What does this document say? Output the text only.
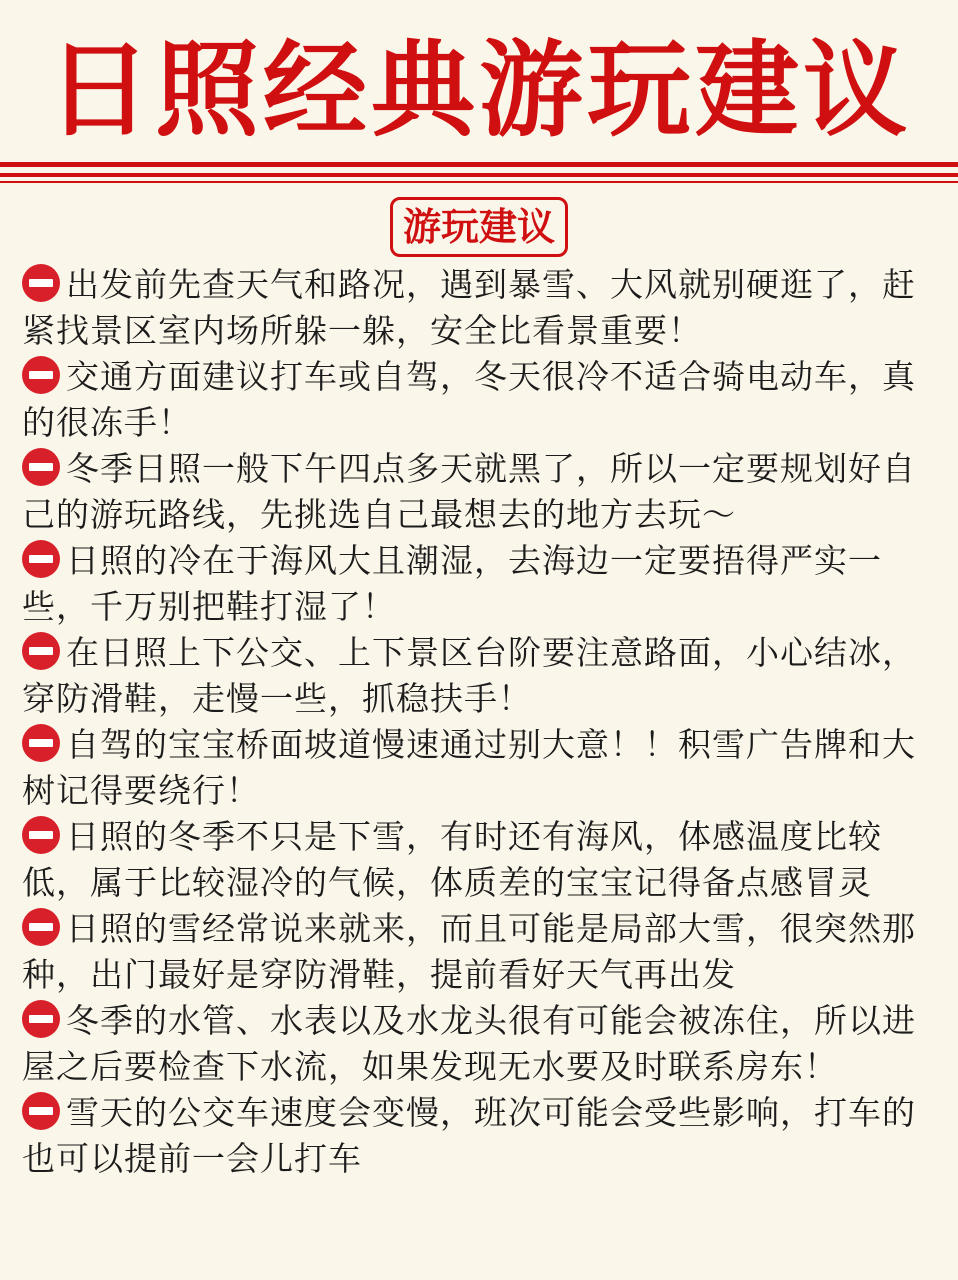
日照经典游玩建议
游玩建议
出发前先查天气和路况，遇到暴雪、大风就别硬逛了，赶紧找景区室内场所躲一躲，安全比看景重要！
交通方面建议打车或自驾，冬天很冷不适合骑电动车，真的很冻手！
冬季日照一般下午四点多天就黑了，所以一定要规划好自己的游玩路线，先挑选自己最想去的地方去玩～
日照的冷在于海风大且潮湿，去海边一定要捂得严实一些，千万别把鞋打湿了！
在日照上下公交、上下景区台阶要注意路面，小心结冰，穿防滑鞋，走慢一些，抓稳扶手！
自驾的宝宝桥面坡道慢速通过别大意！！积雪广告牌和大树记得要绕行！
日照的冬季不只是下雪，有时还有海风，体感温度比较低，属于比较湿冷的气候，体质差的宝宝记得备点感冒灵
日照的雪经常说来就来，而且可能是局部大雪，很突然那种，出门最好是穿防滑鞋，提前看好天气再出发
冬季的水管、水表以及水龙头很有可能会被冻住，所以进屋之后要检查下水流，如果发现无水要及时联系房东！
雪天的公交车速度会变慢，班次可能会受些影响，打车的也可以提前一会儿打车
